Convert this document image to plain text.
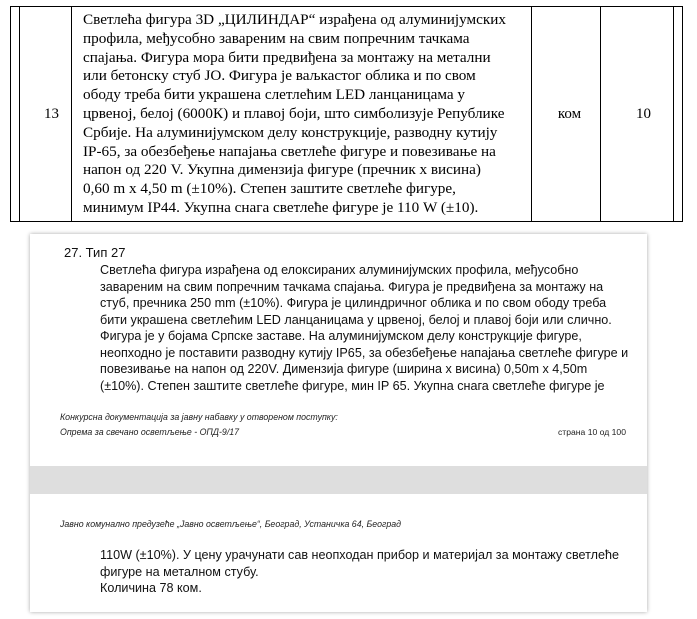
13
Светлећа фигура 3D „ЦИЛИНДАР“ израђена од алуминијумских
профила, међусобно завареним на свим попречним тачкама
спајања. Фигура мора бити предвиђена за монтажу на метални
или бетонску стуб ЈО. Фигура је ваљкастог облика и по свом
ободу треба бити украшена слетлећим LED ланцаницама у
црвеној, белој (6000К) и плавој боји, што симболизује Републике
Србије. На алуминијумском делу конструкције, разводну кутију
IP-65, за обезбеђење напајања светлеће фигуре и повезивање на
напон од 220 V. Укупна димензија фигуре (пречник х висина)
0,60 m x 4,50 m (±10%). Степен заштите светлеће фигуре,
минимум IP44. Укупна снага светлеће фигуре је 110 W (±10).
ком	10
27. Тип 27
Светлећа фигура израђена од елоксираних алуминијумских профила, међусобно
завареним на свим попречним тачкама спајања. Фигура је предвиђена за монтажу на
стуб, пречника 250 mm (±10%). Фигура је цилиндричног облика и по свом ободу треба
бити украшена светлећим LED ланцаницама у црвеној, белој и плавој боји или слично.
Фигура је у бојама Српске заставе. На алуминијумском делу конструкције фигуре,
неопходно је поставити разводну кутију IP65, за обезбеђење напајања светлеће фигуре и
повезивање на напон од 220V. Димензија фигуре (ширина х висина) 0,50m x 4,50m
(±10%). Степен заштите светлеће фигуре, мин IP 65. Укупна снага светлеће фигуре је
Конкурсна документација за јавну набавку у отвореном поступку:
Опрема за свечано осветљење - ОПД-9/17	страна 10 од 100
Јавно комунално предузеће „Јавно осветљење“, Београд, Устаничка 64, Београд
110W (±10%). У цену урачунати сав неопходан прибор и материјал за монтажу светлеће
фигуре на металном стубу.
Количина 78 ком.
